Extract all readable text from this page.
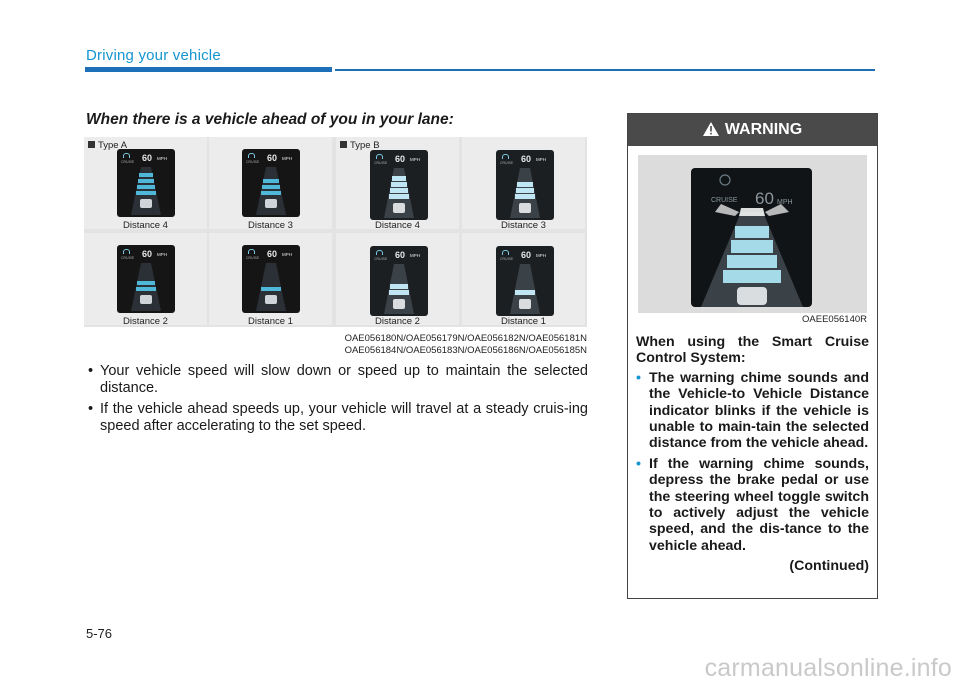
Driving your vehicle
When there is a vehicle ahead of you in your lane:
CRUISE 60 MPH
Type A
Distance 4
CRUISE 60 MPH
Distance 3
CRUISE 60 MPH
Type B
Distance 4
CRUISE 60 MPH
Distance 3
CRUISE 60 MPH
Distance 2
CRUISE 60 MPH
Distance 1
CRUISE 60 MPH
Distance 2
CRUISE 60 MPH
Distance 1
OAE056180N/OAE056179N/OAE056182N/OAE056181N
OAE056184N/OAE056183N/OAE056186N/OAE056185N
• Your vehicle speed will slow down or speed up to maintain the selected distance.
• If the vehicle ahead speeds up, your vehicle will travel at a steady cruis-ing speed after accelerating to the set speed.
WARNING
CRUISE 60 MPH
OAEE056140R
When using the Smart Cruise Control System:
• The warning chime sounds and the Vehicle-to Vehicle Distance indicator blinks if the vehicle is unable to main-tain the selected distance from the vehicle ahead.
• If the warning chime sounds, depress the brake pedal or use the steering wheel toggle switch to actively adjust the vehicle speed, and the dis-tance to the vehicle ahead.
(Continued)
5-76
carmanualsonline.info
